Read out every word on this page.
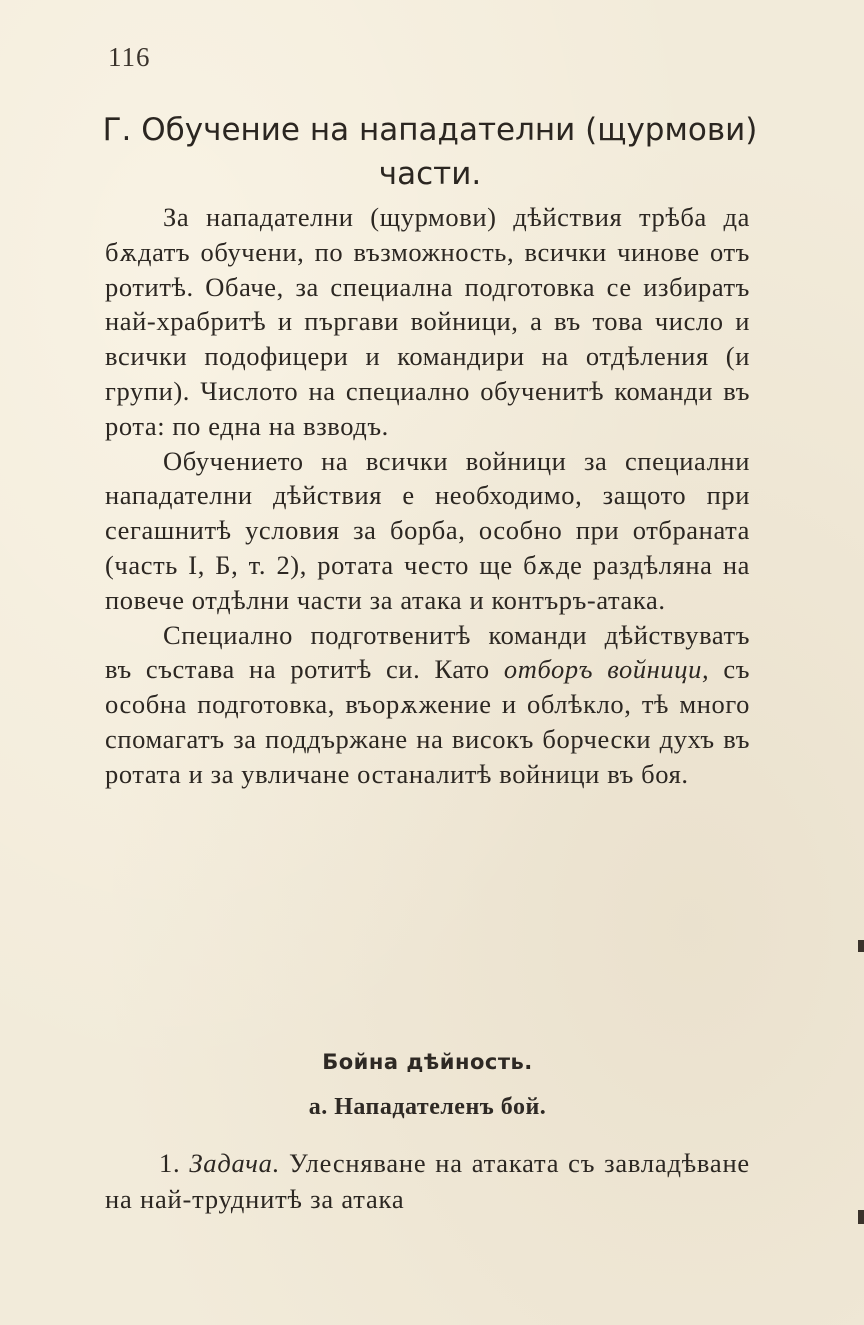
116
Г. Обучение на нападателни (щурмови)
части.

За нападателни (щурмови) дѣйствия трѣба да бѫдатъ обучени, по възможность, всички чинове отъ ротитѣ. Обаче, за специална подготовка се избиратъ най-храбритѣ и пъргави войници, а въ това число и всички подофицери и командири на отдѣления (и групи). Числото на специално обученитѣ команди въ рота: по една на взводъ.

Обучението на всички войници за специални нападателни дѣйствия е необходимо, защото при сегашнитѣ условия за борба, особно при отбраната (часть I, Б, т. 2), ротата често ще бѫде раздѣляна на повече отдѣлни части за атака и контъръ-атака.

Специално подготвенитѣ команди дѣйствуватъ въ състава на ротитѣ си. Като отборъ войници, съ особна подготовка, въорѫжение и облѣкло, тѣ много спомагатъ за поддържане на високъ борчески духъ въ ротата и за увличане останалитѣ войници въ боя.

Бойна дѣйность.
а. Нападателенъ бой.
1. Задача. Улесняване на атаката съ завладѣване на най-труднитѣ за атака
